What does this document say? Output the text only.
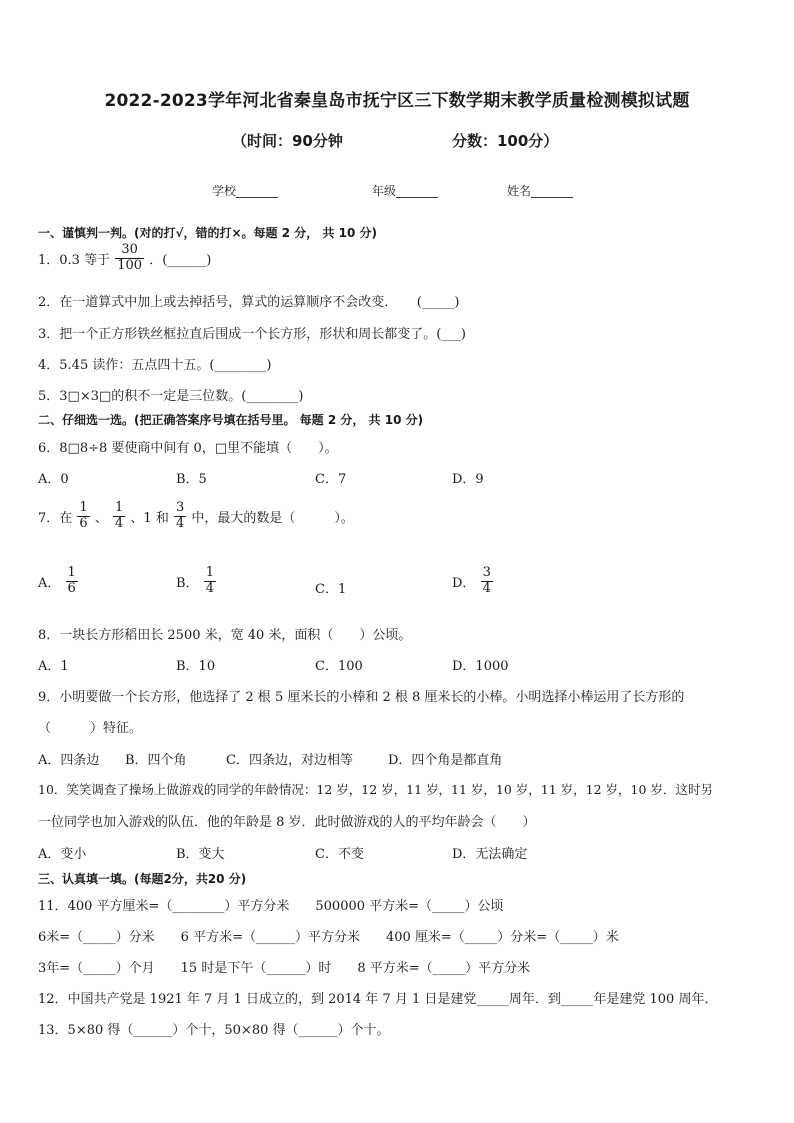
2022-2023学年河北省秦皇岛市抚宁区三下数学期末教学质量检测模拟试题
（时间：90分钟	分数：100分）
学校_______	年级_______	姓名_______
一、谨慎判一判。(对的打√，错的打×。每题 2 分， 共 10 分)
1．0.3 等于 $\frac{30}{100}$ ．(______)
2．在一道算式中加上或去掉括号，算式的运算顺序不会改变．　　(_____)
3．把一个正方形铁丝框拉直后围成一个长方形，形状和周长都变了。(___)
4．5.45 读作：五点四十五。(________)
5．3□×3□的积不一定是三位数。(________)
二、仔细选一选。(把正确答案序号填在括号里。 每题 2 分， 共 10 分)
6．8□8÷8 要使商中间有 0，□里不能填（　　）。
A．0	B．5	C．7	D．9
7．在 $\frac{1}{6}$ 、 $\frac{1}{4}$ 、1 和 $\frac{3}{4}$ 中，最大的数是（　　　）。
A． $\frac{1}{6}$	B． $\frac{1}{4}$	C．1	D． $\frac{3}{4}$
8．一块长方形稻田长 2500 米，宽 40 米，面积（　　）公顷。
A．1	B．10	C．100	D．1000
9．小明要做一个长方形，他选择了 2 根 5 厘米长的小棒和 2 根 8 厘米长的小棒。小明选择小棒运用了长方形的
（　　　）特征。
A．四条边 B．四个角	C．四条边，对边相等	D．四个角是都直角
10．笑笑调查了操场上做游戏的同学的年龄情况：12 岁，12 岁，11 岁，11 岁，10 岁，11 岁，12 岁，10 岁．这时另
一位同学也加入游戏的队伍．他的年龄是 8 岁．此时做游戏的人的平均年龄会（　　）
A．变小	B．变大	C．不变	D．无法确定
三、认真填一填。(每题2分，共20 分)
11．400 平方厘米=（________）平方分米　　500000 平方米=（_____）公顷
6米=（_____）分米　　6 平方米=（______）平方分米　　400 厘米=（_____）分米=（_____）米
3年=（_____）个月　　15 时是下午（______）时　　8 平方米=（_____）平方分米
12．中国共产党是 1921 年 7 月 1 日成立的，到 2014 年 7 月 1 日是建党_____周年．到_____年是建党 100 周年．
13．5×80 得（______）个十，50×80 得（______）个十。
